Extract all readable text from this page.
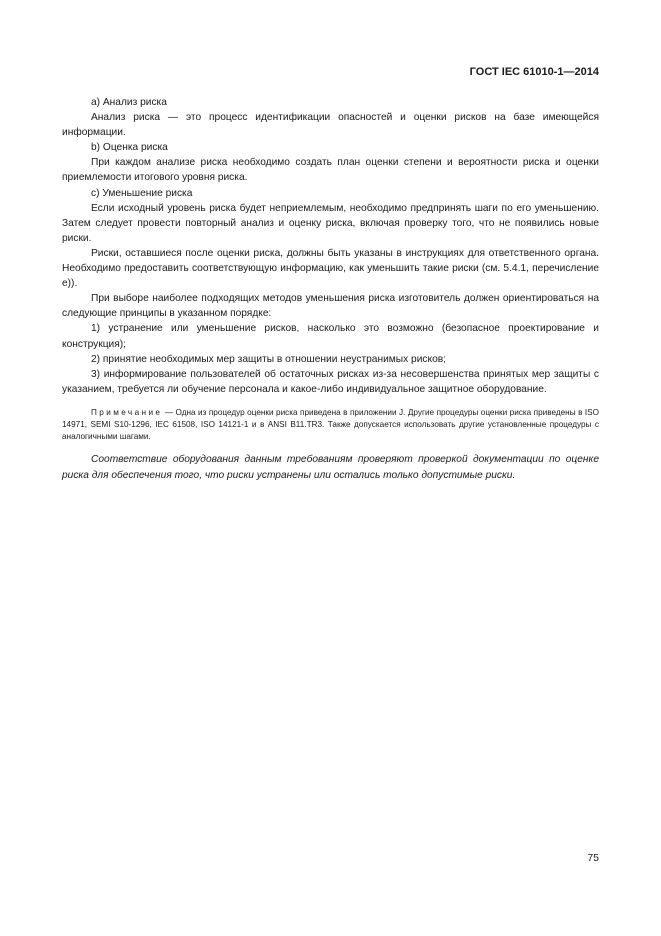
ГОСТ IEC 61010-1—2014

a) Анализ риска

Анализ риска — это процесс идентификации опасностей и оценки рисков на базе имеющейся информации.

b) Оценка риска

При каждом анализе риска необходимо создать план оценки степени и вероятности риска и оценки приемлемости итогового уровня риска.

c) Уменьшение риска

Если исходный уровень риска будет неприемлемым, необходимо предпринять шаги по его уменьшению. Затем следует провести повторный анализ и оценку риска, включая проверку того, что не появились новые риски.

Риски, оставшиеся после оценки риска, должны быть указаны в инструкциях для ответственного органа. Необходимо предоставить соответствующую информацию, как уменьшить такие риски (см. 5.4.1, перечисление е)).

При выборе наиболее подходящих методов уменьшения риска изготовитель должен ориентироваться на следующие принципы в указанном порядке:

1) устранение или уменьшение рисков, насколько это возможно (безопасное проектирование и конструкция);

2) принятие необходимых мер защиты в отношении неустранимых рисков;

3) информирование пользователей об остаточных рисках из-за несовершенства принятых мер защиты с указанием, требуется ли обучение персонала и какое-либо индивидуальное защитное оборудование.

Примечание — Одна из процедур оценки риска приведена в приложении J. Другие процедуры оценки риска приведены в ISO 14971, SEMI S10-1296, IEC 61508, ISO 14121-1 и в ANSI B11.TR3. Также допускается использовать другие установленные процедуры с аналогичными шагами.

Соответствие оборудования данным требованиям проверяют проверкой документации по оценке риска для обеспечения того, что риски устранены или остались только допустимые риски.

75
